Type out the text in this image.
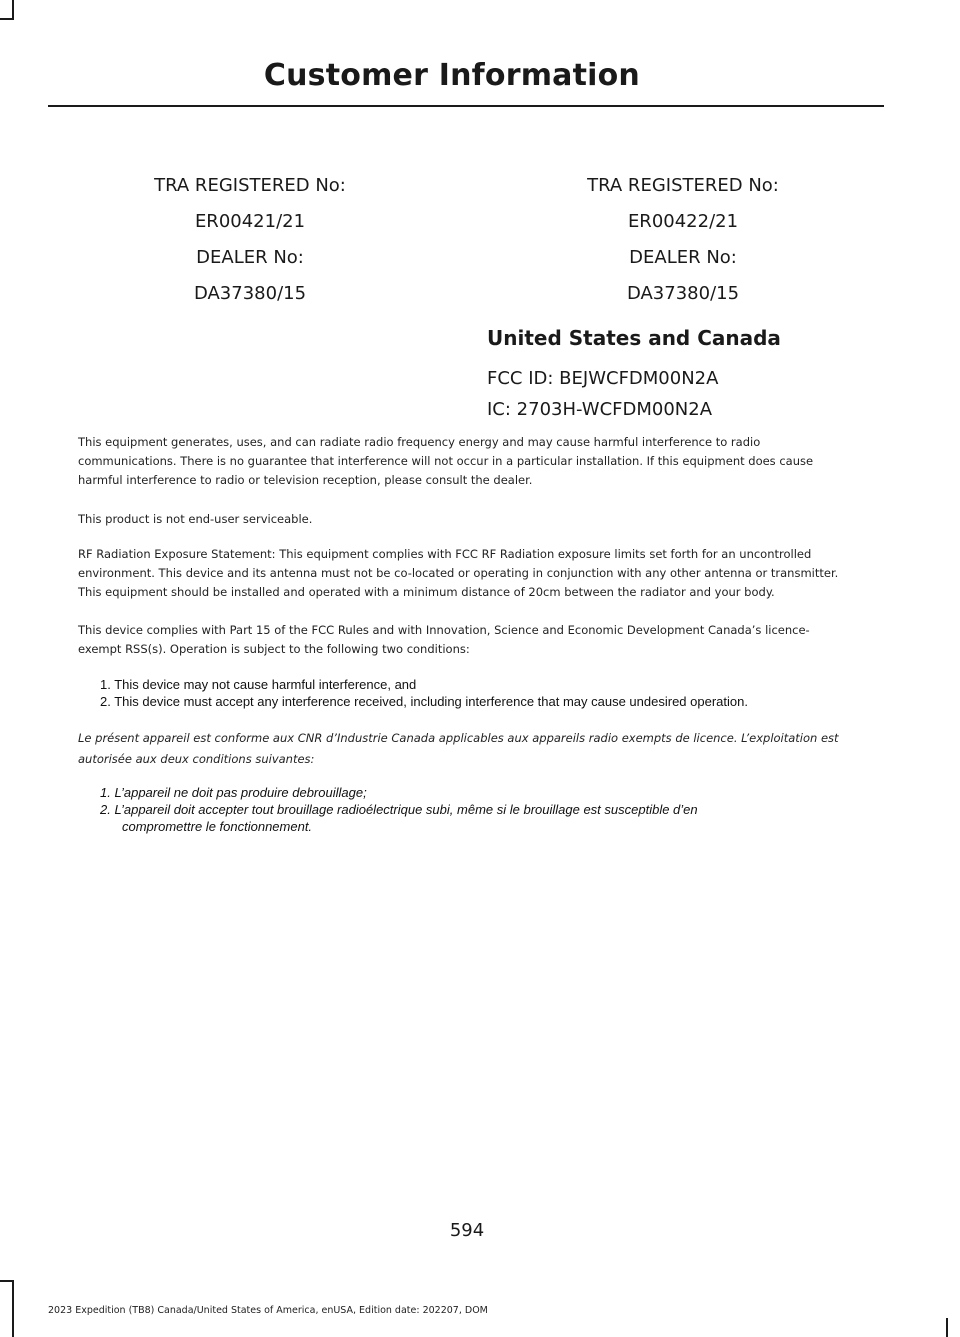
Customer Information
TRA REGISTERED No:
ER00421/21
DEALER No:
DA37380/15
TRA REGISTERED No:
ER00422/21
DEALER No:
DA37380/15
United States and Canada
FCC ID: BEJWCFDM00N2A
IC: 2703H-WCFDM00N2A
This equipment generates, uses, and can radiate radio frequency energy and may cause harmful interference to radio
communications. There is no guarantee that interference will not occur in a particular installation. If this equipment does cause
harmful interference to radio or television reception, please consult the dealer.
This product is not end-user serviceable.
RF Radiation Exposure Statement: This equipment complies with FCC RF Radiation exposure limits set forth for an uncontrolled
environment. This device and its antenna must not be co-located or operating in conjunction with any other antenna or transmitter.
This equipment should be installed and operated with a minimum distance of 20cm between the radiator and your body.
This device complies with Part 15 of the FCC Rules and with Innovation, Science and Economic Development Canada’s licence-
exempt RSS(s). Operation is subject to the following two conditions:
1. This device may not cause harmful interference, and
2. This device must accept any interference received, including interference that may cause undesired operation.
Le présent appareil est conforme aux CNR d’Industrie Canada applicables aux appareils radio exempts de licence. L’exploitation est
autorisée aux deux conditions suivantes:
1. L’appareil ne doit pas produire debrouillage;
2. L’appareil doit accepter tout brouillage radioélectrique subi, même si le brouillage est susceptible d’en
compromettre le fonctionnement.
594
2023 Expedition (TB8) Canada/United States of America, enUSA, Edition date: 202207, DOM
